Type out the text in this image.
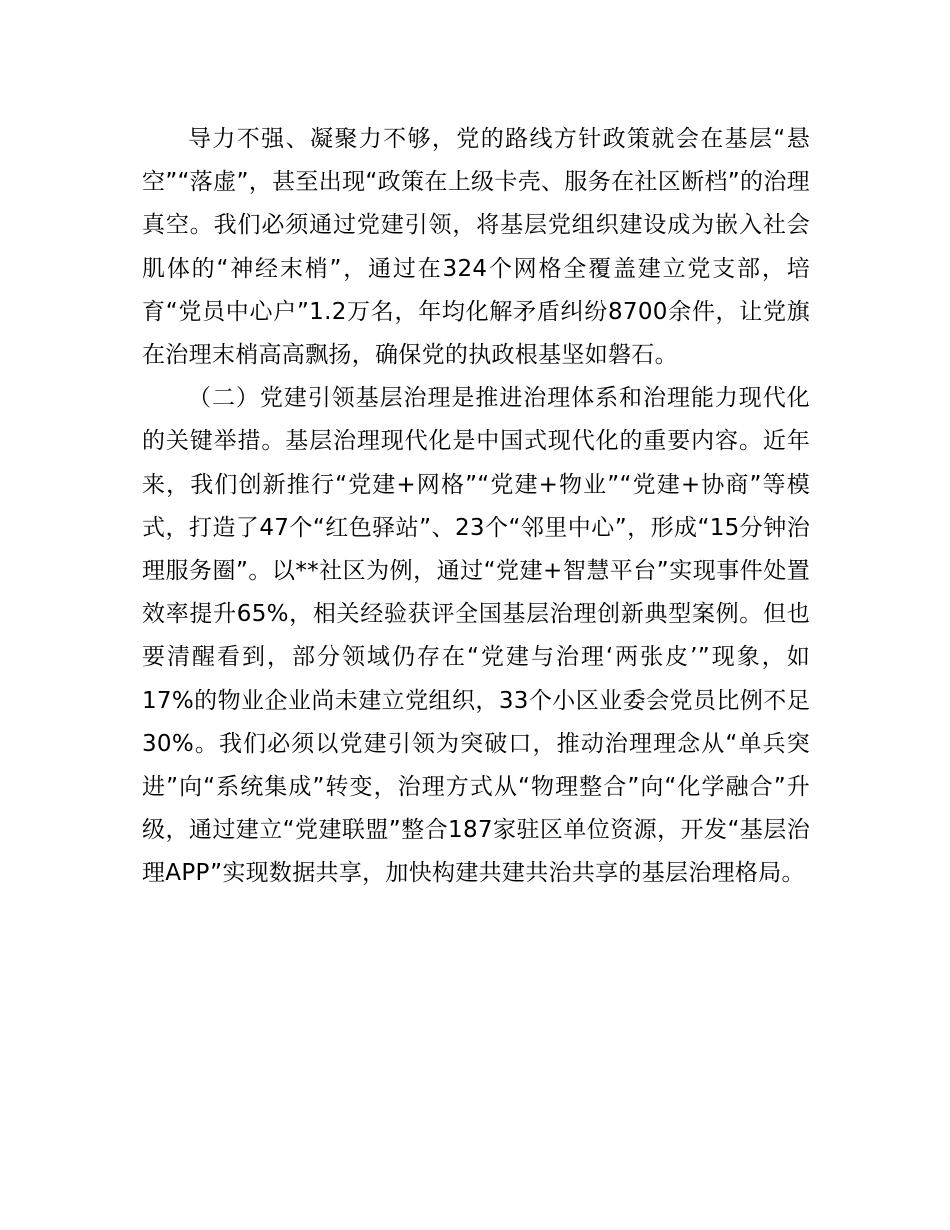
导力不强、凝聚力不够，党的路线方针政策就会在基层“悬空”“落虚”，甚至出现“政策在上级卡壳、服务在社区断档”的治理真空。我们必须通过党建引领，将基层党组织建设成为嵌入社会肌体的“神经末梢”，通过在324个网格全覆盖建立党支部，培育“党员中心户”1.2万名，年均化解矛盾纠纷8700余件，让党旗在治理末梢高高飘扬，确保党的执政根基坚如磐石。

（二）党建引领基层治理是推进治理体系和治理能力现代化的关键举措。基层治理现代化是中国式现代化的重要内容。近年来，我们创新推行“党建+网格”“党建+物业”“党建+协商”等模式，打造了47个“红色驿站”、23个“邻里中心”，形成“15分钟治理服务圈”。以**社区为例，通过“党建+智慧平台”实现事件处置效率提升65%，相关经验获评全国基层治理创新典型案例。但也要清醒看到，部分领域仍存在“党建与治理‘两张皮’”现象，如17%的物业企业尚未建立党组织，33个小区业委会党员比例不足30%。我们必须以党建引领为突破口，推动治理理念从“单兵突进”向“系统集成”转变，治理方式从“物理整合”向“化学融合”升级，通过建立“党建联盟”整合187家驻区单位资源，开发“基层治理APP”实现数据共享，加快构建共建共治共享的基层治理格局。
